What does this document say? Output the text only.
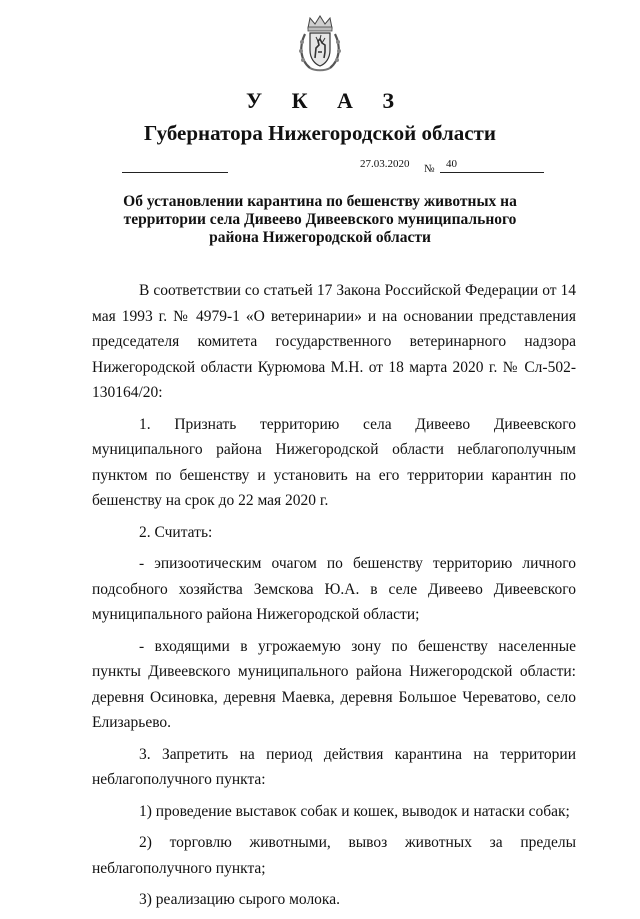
У К А З
Губернатора Нижегородской области
27.03.2020 № 40
Об установлении карантина по бешенству животных на
территории села Дивеево Дивеевского муниципального
района Нижегородской области

В соответствии со статьей 17 Закона Российской Федерации от 14 мая 1993 г. № 4979-1 «О ветеринарии» и на основании представления председателя комитета государственного ветеринарного надзора Нижегородской области Курюмова М.Н. от 18 марта 2020 г. № Сл-502-130164/20:

1. Признать территорию села Дивеево Дивеевского муниципального района Нижегородской области неблагополучным пунктом по бешенству и установить на его территории карантин по бешенству на срок до 22 мая 2020 г.

2. Считать:

- эпизоотическим очагом по бешенству территорию личного подсобного хозяйства Земскова Ю.А. в селе Дивеево Дивеевского муниципального района Нижегородской области;

- входящими в угрожаемую зону по бешенству населенные пункты Дивеевского муниципального района Нижегородской области: деревня Осиновка, деревня Маевка, деревня Большое Череватово, село Елизарьево.

3. Запретить на период действия карантина на территории неблагополучного пункта:

1) проведение выставок собак и кошек, выводок и натаски собак;

2) торговлю животными, вывоз животных за пределы неблагополучного пункта;

3) реализацию сырого молока.
